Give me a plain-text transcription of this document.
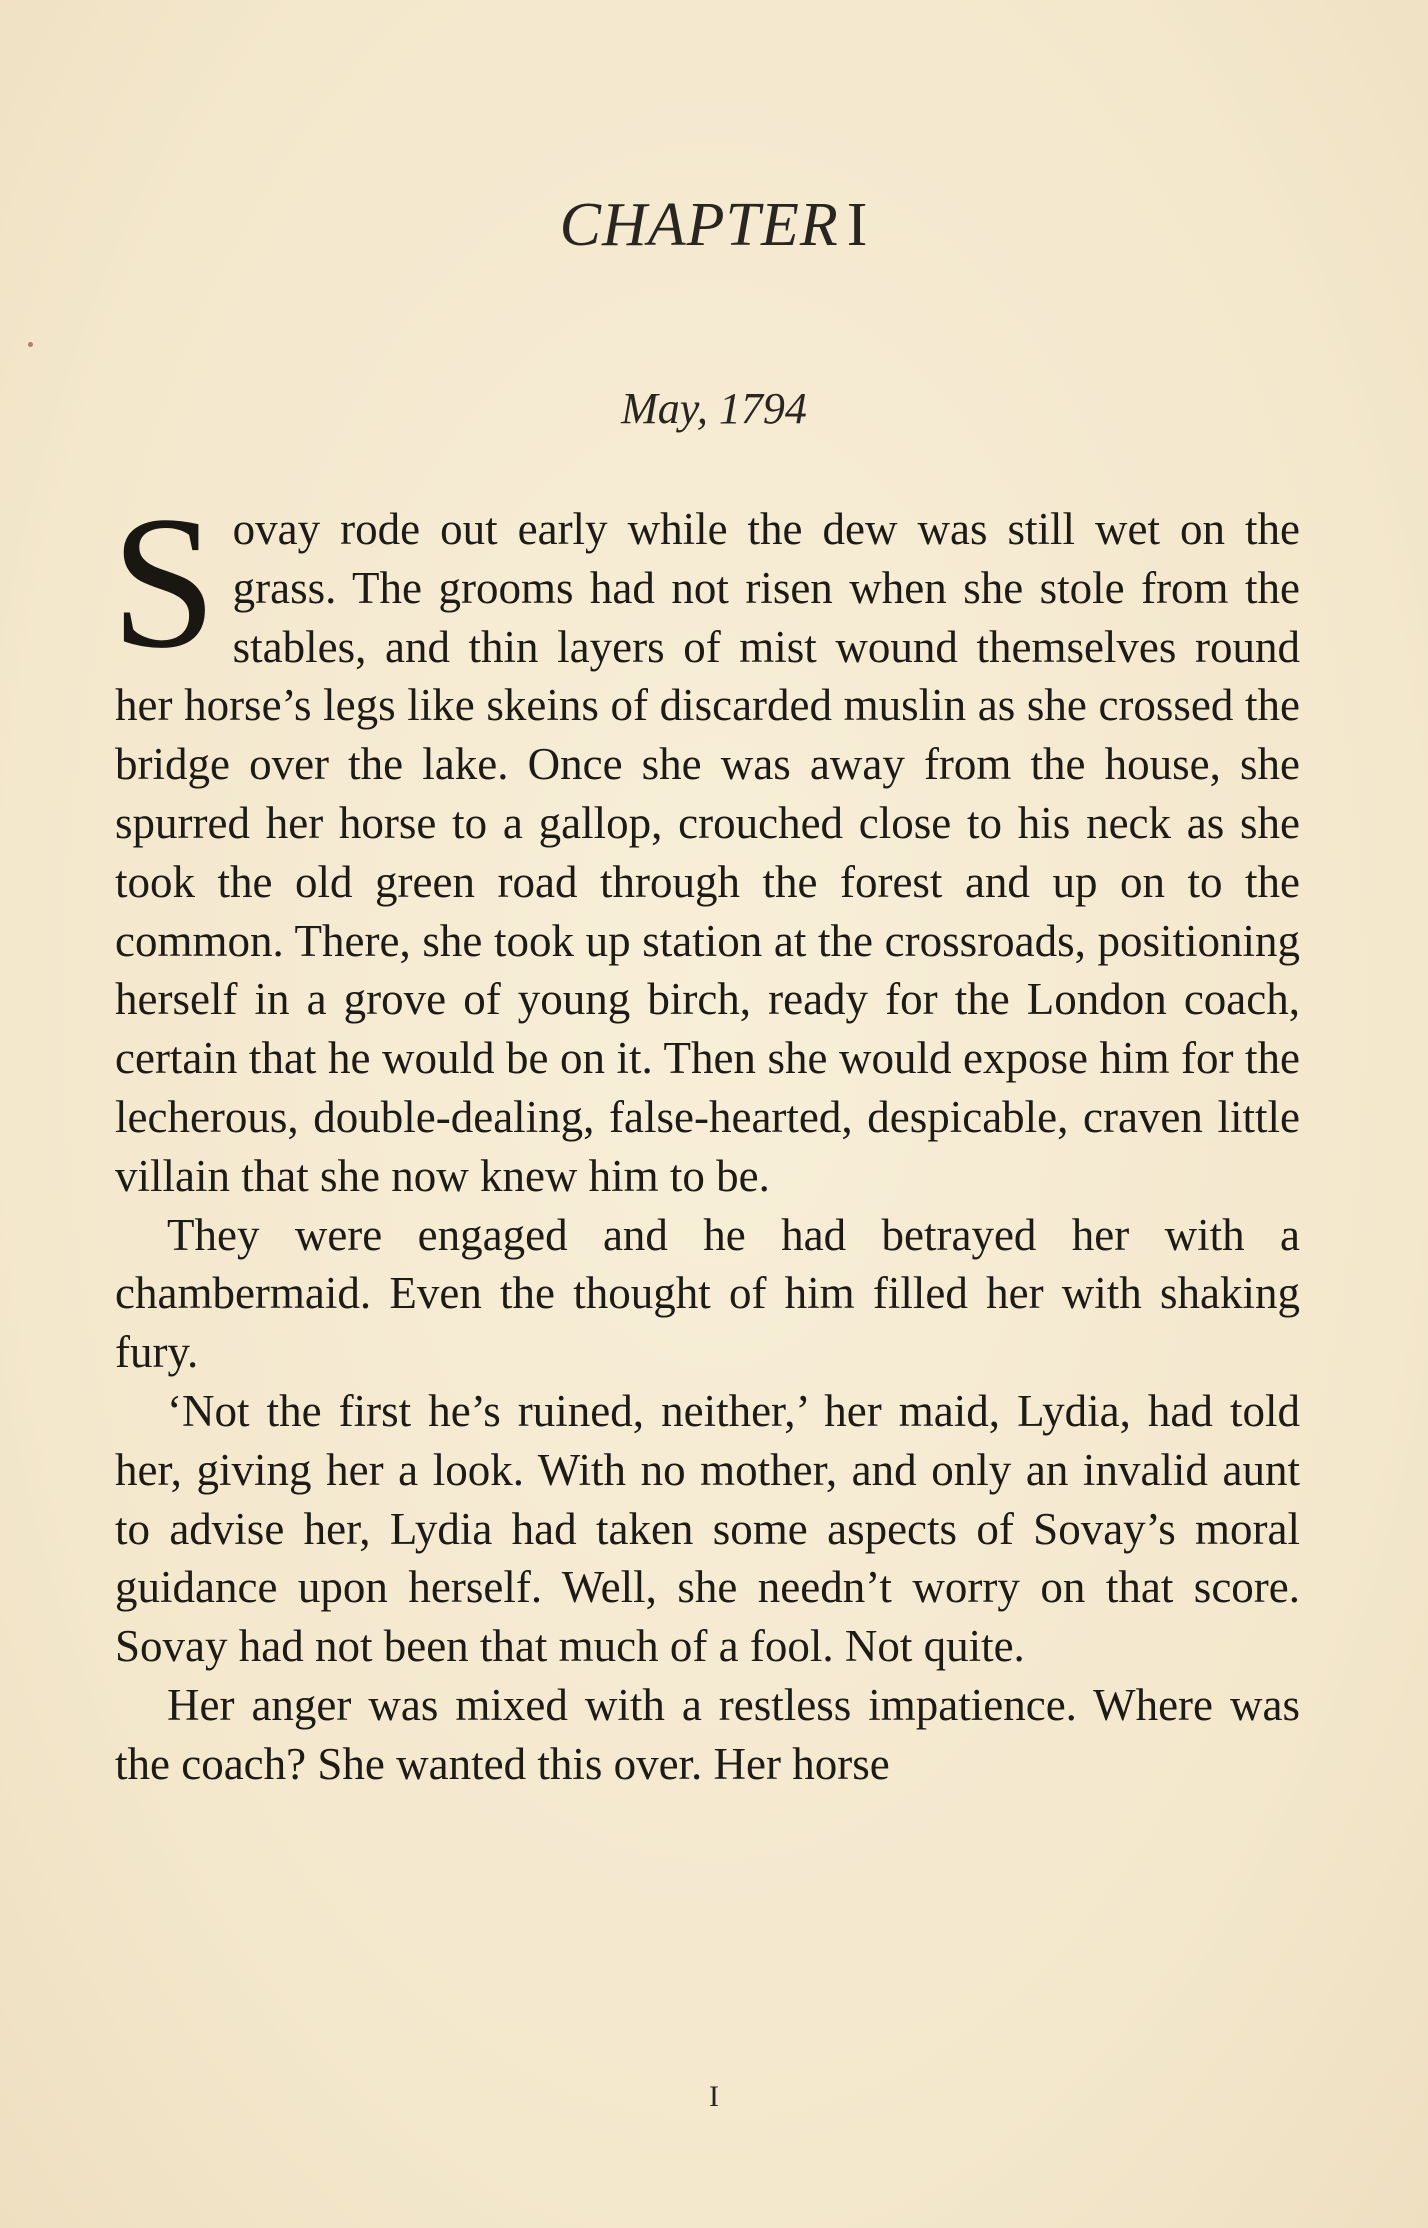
CHAPTER I
May, 1794

Sovay rode out early while the dew was still wet on the grass. The grooms had not risen when she stole from the stables, and thin layers of mist wound themselves round her horse’s legs like skeins of discarded muslin as she crossed the bridge over the lake. Once she was away from the house, she spurred her horse to a gallop, crouched close to his neck as she took the old green road through the forest and up on to the common. There, she took up station at the crossroads, positioning herself in a grove of young birch, ready for the London coach, certain that he would be on it. Then she would expose him for the lecherous, double-dealing, false-hearted, despicable, craven little villain that she now knew him to be.

They were engaged and he had betrayed her with a chambermaid. Even the thought of him filled her with shaking fury.

‘Not the first he’s ruined, neither,’ her maid, Lydia, had told her, giving her a look. With no mother, and only an invalid aunt to advise her, Lydia had taken some aspects of Sovay’s moral guidance upon herself. Well, she needn’t worry on that score. Sovay had not been that much of a fool. Not quite.

Her anger was mixed with a restless impatience. Where was the coach? She wanted this over. Her horse

I
